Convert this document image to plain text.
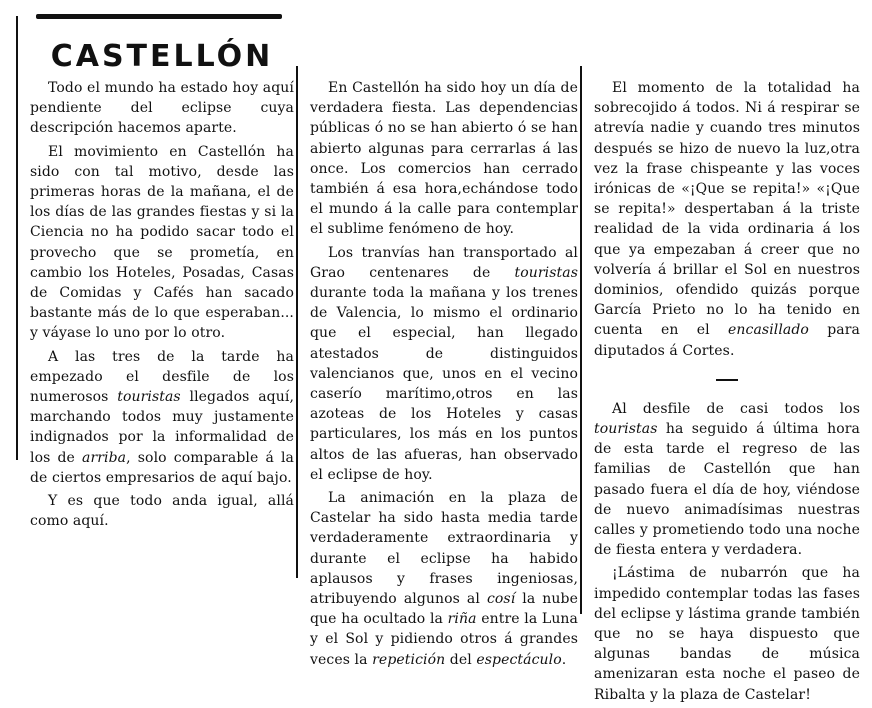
CASTELLÓN

Todo el mundo ha estado hoy aquí pendiente del eclipse cuya descripción hacemos aparte.

El movimiento en Castellón ha sido con tal motivo, desde las primeras horas de la mañana, el de los días de las grandes fiestas y si la Ciencia no ha podido sacar todo el provecho que se prometía, en cambio los Hoteles, Posadas, Casas de Comidas y Cafés han sacado bastante más de lo que esperaban... y váyase lo uno por lo otro.

A las tres de la tarde ha empezado el desfile de los numerosos touristas llegados aquí, marchando todos muy justamente indignados por la informalidad de los de arriba, solo comparable á la de ciertos empresarios de aquí bajo.

Y es que todo anda igual, allá como aquí.

En Castellón ha sido hoy un día de verdadera fiesta. Las dependencias públicas ó no se han abierto ó se han abierto algunas para cerrarlas á las once. Los comercios han cerrado también á esa hora,echándose todo el mundo á la calle para contemplar el sublime fenómeno de hoy.

Los tranvías han transportado al Grao centenares de touristas durante toda la mañana y los trenes de Valencia, lo mismo el ordinario que el especial, han llegado atestados de distinguidos valencianos que, unos en el vecino caserío marítimo,otros en las azoteas de los Hoteles y casas particulares, los más en los puntos altos de las afueras, han observado el eclipse de hoy.

La animación en la plaza de Castelar ha sido hasta media tarde verdaderamente extraordinaria y durante el eclipse ha habido aplausos y frases ingeniosas, atribuyendo algunos al cosí la nube que ha ocultado la riña entre la Luna y el Sol y pidiendo otros á grandes veces la repetición del espectáculo.

El momento de la totalidad ha sobrecojido á todos. Ni á respirar se atrevía nadie y cuando tres minutos después se hizo de nuevo la luz,otra vez la frase chispeante y las voces irónicas de «¡Que se repita!» «¡Que se repita!» despertaban á la triste realidad de la vida ordinaria á los que ya empezaban á creer que no volvería á brillar el Sol en nuestros dominios, ofendido quizás porque García Prieto no lo ha tenido en cuenta en el encasillado para diputados á Cortes.

Al desfile de casi todos los touristas ha seguido á última hora de esta tarde el regreso de las familias de Castellón que han pasado fuera el día de hoy, viéndose de nuevo animadísimas nuestras calles y prometiendo todo una noche de fiesta entera y verdadera.

¡Lástima de nubarrón que ha impedido contemplar todas las fases del eclipse y lástima grande también que no se haya dispuesto que algunas bandas de música amenizaran esta noche el paseo de Ribalta y la plaza de Castelar!
